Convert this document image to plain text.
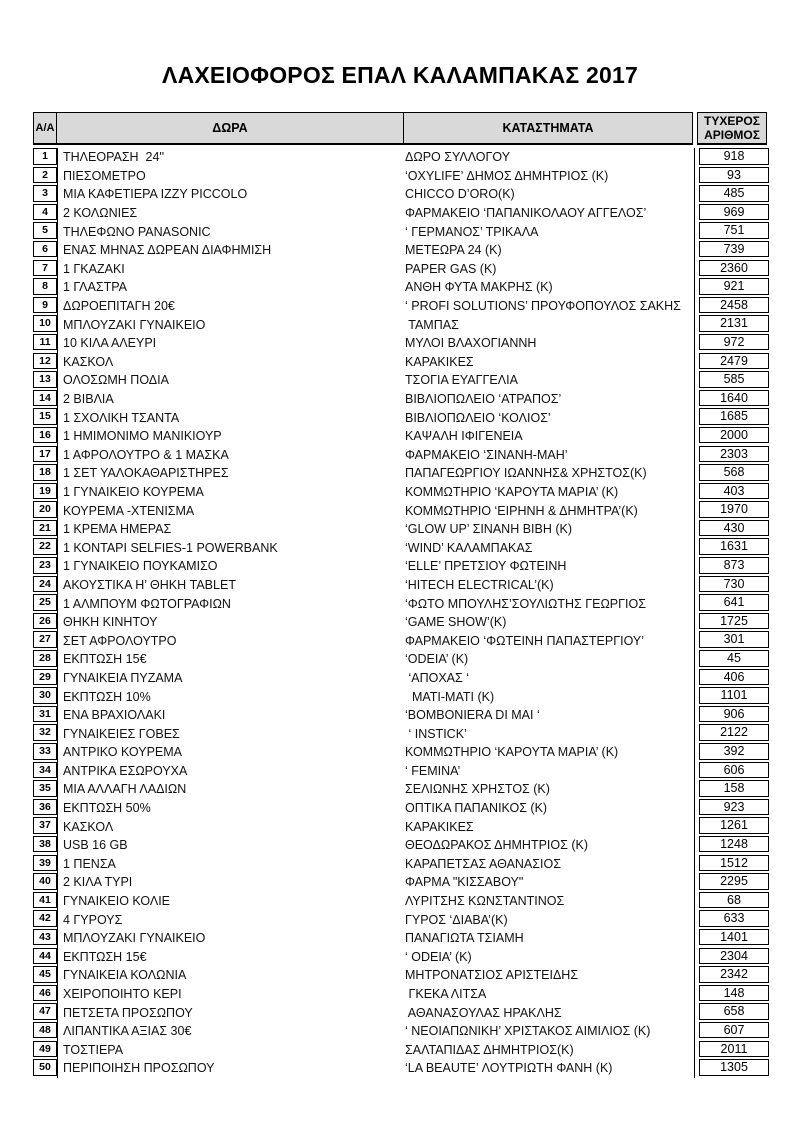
ΛΑΧΕΙΟΦΟΡΟΣ ΕΠΑΛ ΚΑΛΑΜΠΑΚΑΣ 2017
Α/Α	ΔΩΡΑ	ΚΑΤΑΣΤΗΜΑΤΑ	ΤΥΧΕΡΟΣ
ΑΡΙΘΜΟΣ
1	ΤΗΛΕΟΡΑΣΗ  24''	ΔΩΡΟ ΣΥΛΛΟΓΟΥ	918
2	ΠΙΕΣΟΜΕΤΡΟ	‘OXYLIFE’ ΔΗΜΟΣ ΔΗΜΗΤΡΙΟΣ (Κ)	93
3	ΜΙΑ ΚΑΦΕΤΙΕΡΑ IZZY PICCOLO	CHICCO D’ORO(K)	485
4	2 ΚΟΛΩΝΙΕΣ	ΦΑΡΜΑΚΕΙΟ ‘ΠΑΠΑΝΙΚΟΛΑΟΥ ΑΓΓΕΛΟΣ’	969
5	ΤΗΛΕΦΩΝΟ PANASONIC	‘ ΓΕΡΜΑΝΟΣ’ ΤΡΙΚΑΛΑ	751
6	ΕΝΑΣ ΜΗΝΑΣ ΔΩΡΕΑΝ ΔΙΑΦΗΜΙΣΗ	ΜΕΤΕΩΡΑ 24 (Κ)	739
7	1 ΓΚΑΖΑΚΙ	PAPER GAS (K)	2360
8	1 ΓΛΑΣΤΡΑ	ΑΝΘΗ ΦΥΤΑ ΜΑΚΡΗΣ (Κ)	921
9	ΔΩΡΟΕΠΙΤΑΓΗ 20€	‘ PROFI SOLUTIONS’ ΠΡΟΥΦΟΠΟΥΛΟΣ ΣΑΚΗΣ	2458
10 ΜΠΛΟΥΖΑΚΙ ΓΥΝΑΙΚΕΙΟ	ΤΑΜΠΑΣ	2131
11 10 ΚΙΛΑ ΑΛΕΥΡΙ	ΜΥΛΟΙ ΒΛΑΧΟΓΙΑΝΝΗ	972
12 ΚΑΣΚΟΛ	ΚΑΡΑΚΙΚΕΣ	2479
13 ΟΛΟΣΩΜΗ ΠΟΔΙΑ	ΤΣΟΓΙΑ ΕΥΑΓΓΕΛΙΑ	585
14 2 ΒΙΒΛΙΑ	ΒΙΒΛΙΟΠΩΛΕΙΟ ‘ΑΤΡΑΠΟΣ’	1640
15 1 ΣΧΟΛΙΚΗ ΤΣΑΝΤΑ	ΒΙΒΛΙΟΠΩΛΕΙΟ ‘ΚΟΛΙΟΣ’	1685
16 1 ΗΜΙΜΟΝΙΜΟ ΜΑΝΙΚΙΟΥΡ	ΚΑΨΑΛΗ ΙΦΙΓΕΝΕΙΑ	2000
17 1 ΑΦΡΟΛΟΥΤΡΟ & 1 ΜΑΣΚΑ	ΦΑΡΜΑΚΕΙΟ ‘ΣΙΝΑΝΗ-ΜΑΗ’	2303
18 1 ΣΕΤ ΥΑΛΟΚΑΘΑΡΙΣΤΗΡΕΣ	ΠΑΠΑΓΕΩΡΓΙΟΥ ΙΩΑΝΝΗΣ& ΧΡΗΣΤΟΣ(Κ)	568
19 1 ΓΥΝΑΙΚΕΙΟ ΚΟΥΡΕΜΑ	ΚΟΜΜΩΤΗΡΙΟ ‘ΚΑΡΟΥΤΑ ΜΑΡΙΑ’ (Κ)	403
20 ΚΟΥΡΕΜΑ -ΧΤΕΝΙΣΜΑ	ΚΟΜΜΩΤΗΡΙΟ ‘ΕΙΡΗΝΗ & ΔΗΜΗΤΡΑ’(Κ)	1970
21 1 ΚΡΕΜΑ ΗΜΕΡΑΣ	‘GLOW UP’ ΣΙΝΑΝΗ ΒΙΒΗ (Κ)	430
22 1 ΚΟΝΤΑΡΙ SELFIES-1 POWERBANK	‘WIND’ ΚΑΛΑΜΠΑΚΑΣ	1631
23 1 ΓΥΝΑΙΚΕΙΟ ΠΟΥΚΑΜΙΣΟ	‘ELLE’ ΠΡΕΤΣΙΟΥ ΦΩΤΕΙΝΗ	873
24 ΑΚΟΥΣΤΙΚΑ Η’ ΘΗΚΗ TABLET	‘HITECH ELECTRICAL’(K)	730
25 1 ΑΛΜΠΟΥΜ ΦΩΤΟΓΡΑΦΙΩΝ	‘ΦΩΤΟ ΜΠΟΥΛΗΣ’ΣΟΥΛΙΩΤΗΣ ΓΕΩΡΓΙΟΣ	641
26 ΘΗΚΗ ΚΙΝΗΤΟΥ	‘GAME SHOW’(K)	1725
27 ΣΕΤ ΑΦΡΟΛΟΥΤΡΟ	ΦΑΡΜΑΚΕΙΟ ‘ΦΩΤΕΙΝΗ ΠΑΠΑΣΤΕΡΓΙΟΥ’	301
28 ΕΚΠΤΩΣΗ 15€	‘ODEIA’ (K)	45
29 ΓΥΝΑΙΚΕΙΑ ΠΥΖΑΜΑ	‘ΑΠΟΧΑΣ ‘	406
30 ΕΚΠΤΩΣΗ 10%	MATI-MATI (K)	1101
31 ΕΝΑ ΒΡΑΧΙΟΛΑΚΙ	‘BOMBONIERA DI MAI ‘	906
32 ΓΥΝΑΙΚΕΙΕΣ ΓΟΒΕΣ	‘ INSTICK’	2122
33 ΑΝΤΡΙΚΟ ΚΟΥΡΕΜΑ	ΚΟΜΜΩΤΗΡΙΟ ‘ΚΑΡΟΥΤΑ ΜΑΡΙΑ’ (Κ)	392
34 ΑΝΤΡΙΚΑ ΕΣΩΡΟΥΧΑ	‘ FEMINA’	606
35 ΜΙΑ ΑΛΛΑΓΗ ΛΑΔΙΩΝ	ΣΕΛΙΩΝΗΣ ΧΡΗΣΤΟΣ (Κ)	158
36 ΕΚΠΤΩΣΗ 50%	ΟΠΤΙΚΑ ΠΑΠΑΝΙΚΟΣ (Κ)	923
37 ΚΑΣΚΟΛ	ΚΑΡΑΚΙΚΕΣ	1261
38 USB 16 GB	ΘΕΟΔΩΡΑΚΟΣ ΔΗΜΗΤΡΙΟΣ (Κ)	1248
39 1 ΠΕΝΣΑ	ΚΑΡΑΠΕΤΣΑΣ ΑΘΑΝΑΣΙΟΣ	1512
40 2 ΚΙΛΑ ΤΥΡΙ	ΦΑΡΜΑ "ΚΙΣΣΑΒΟΥ"	2295
41 ΓΥΝΑΙΚΕΙΟ ΚΟΛΙΕ	ΛΥΡΙΤΣΗΣ ΚΩΝΣΤΑΝΤΙΝΟΣ	68
42 4 ΓΥΡΟΥΣ	ΓΥΡΟΣ ‘ΔΙΑΒΑ’(Κ)	633
43 ΜΠΛΟΥΖΑΚΙ ΓΥΝΑΙΚΕΙΟ	ΠΑΝΑΓΙΩΤΑ ΤΣΙΑΜΗ	1401
44 ΕΚΠΤΩΣΗ 15€	‘ ODEIA’ (K)	2304
45 ΓΥΝΑΙΚΕΙΑ ΚΟΛΩΝΙΑ	ΜΗΤΡΟΝΑΤΣΙΟΣ ΑΡΙΣΤΕΙΔΗΣ	2342
46 ΧΕΙΡΟΠΟΙΗΤΟ ΚΕΡΙ	ΓΚΕΚΑ ΛΙΤΣΑ	148
47 ΠΕΤΣΕΤΑ ΠΡΟΣΩΠΟΥ	ΑΘΑΝΑΣΟΥΛΑΣ ΗΡΑΚΛΗΣ	658
48 ΛΙΠΑΝΤΙΚΑ ΑΞΙΑΣ 30€	‘ ΝΕΟΙΑΠΩΝΙΚΗ’ ΧΡΙΣΤΑΚΟΣ ΑΙΜΙΛΙΟΣ (Κ)	607
49 ΤΟΣΤΙΕΡΑ	ΣΑΛΤΑΠΙΔΑΣ ΔΗΜΗΤΡΙΟΣ(Κ)	2011
50 ΠΕΡΙΠΟΙΗΣΗ ΠΡΟΣΩΠΟΥ	‘LA BEAUTE’ ΛΟΥΤΡΙΩΤΗ ΦΑΝΗ (Κ)	1305
